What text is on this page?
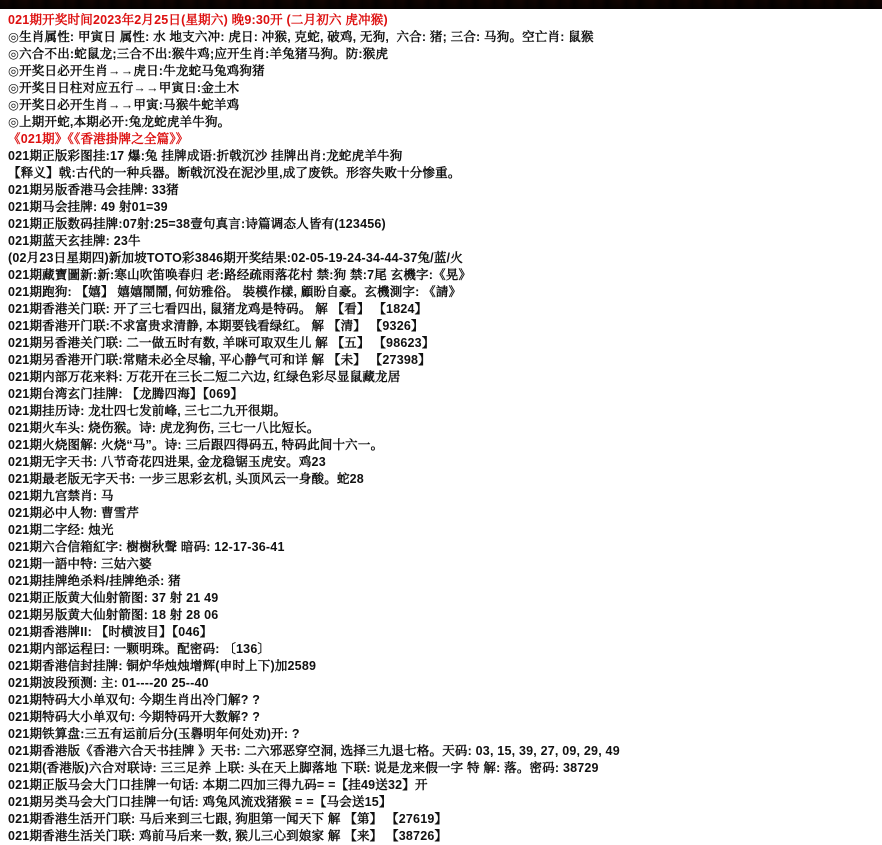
021期开奖时间2023年2月25日(星期六) 晚9:30开 (二月初六 虎冲猴)
◎生肖属性: 甲寅日 属性: 水 地支六冲: 虎日: 冲猴, 克蛇, 破鸡, 无狗,  六合: 猪; 三合: 马狗。空亡肖: 鼠猴
◎六合不出:蛇鼠龙;三合不出:猴牛鸡;应开生肖:羊兔猪马狗。防:猴虎
◎开奖日必开生肖→→虎日:牛龙蛇马兔鸡狗猪
◎开奖日日柱对应五行→→甲寅日:金土木
◎开奖日必开生肖→→甲寅:马猴牛蛇羊鸡
◎上期开蛇,本期必开:兔龙蛇虎羊牛狗。
《021期》《《香港掛牌之全篇》》
021期正版彩图挂:17 爆:兔 挂牌成语:折戟沉沙 挂牌出肖:龙蛇虎羊牛狗
【释义】戟:古代的一种兵器。断戟沉没在泥沙里,成了废铁。形容失败十分惨重。
021期另版香港马会挂牌: 33猪
021期马会挂牌: 49 射01=39
021期正版数码挂牌:07射:25=38壹句真言:诗篇调态人皆有(123456)
021期蓝天玄挂牌: 23牛
(02月23日星期四)新加坡TOTO彩3846期开奖结果:02-05-19-24-34-44-37兔/蓝/火
021期藏寶圖新:新:寒山吹笛唤春归 老:路经疏雨落花村 禁:狗 禁:7尾 玄機字:《晃》
021期跑狗: 【嬉】 嬉嬉鬧鬧, 何妨雅俗。 裝模作樣, 顧盼自豪。玄機測字: 《請》
021期香港关门联: 开了三七看四出, 鼠猪龙鸡是特码。 解 【看】 【1824】
021期香港开门联:不求富贵求清静, 本期要钱看绿红。 解 【清】 【9326】
021期另香港关门联: 二一做五时有数, 羊咪可取双生儿 解 【五】 【98623】
021期另香港开门联:常赌未必全尽输, 平心静气可和详 解 【未】 【27398】
021期内部万花来料: 万花开在三长二短二六边, 红绿色彩尽显鼠藏龙居
021期台湾玄门挂牌: 【龙腾四海】【069】
021期挂历诗: 龙壮四七发前峰, 三七二九开很期。
021期火车头: 烧伤猴。诗: 虎龙狗伤, 三七一八比短长。
021期火烧图解: 火烧“马”。诗: 三后跟四得码五, 特码此间十六一。
021期无字天书: 八节奇花四进果, 金龙稳锯玉虎安。鸡23
021期最老版无字天书: 一步三思彩玄机, 头顶风云一身酸。蛇28
021期九宫禁肖: 马
021期必中人物: 曹雪芹
021期二字经: 烛光
021期六合信箱紅字: 樹樹秋聲 暗码: 12-17-36-41
021期一語中特: 三姑六婆
021期挂牌绝杀料/挂牌绝杀: 猪
021期正版黄大仙射箭图: 37 射 21 49
021期另版黄大仙射箭图: 18 射 28 06
021期香港牌II: 【时横波目】【046】
021期内部运程曰: 一颗明珠。配密码: 〔136〕
021期香港信封挂牌: 铜炉华烛烛增辉(申时上下)加2589
021期波段预测: 主: 01----20 25--40
021期特码大小单双句: 今期生肖出冷门解? ?
021期特码大小单双句: 今期特码开大数解? ?
021期铁算盘:三五有运前后分(玉礜明年何处劝)开: ?
021期香港版《香港六合天书挂牌 》天书: 二六邪恶穿空洞, 选择三九退七格。天码: 03, 15, 39, 27, 09, 29, 49
021期(香港版)六合对联诗: 三三足养 上联: 头在天上脚落地 下联: 说是龙来假一字 特 解: 落。密码: 38729
021期正版马会大门口挂牌一句话: 本期二四加三得九码= =【挂49送32】开
021期另类马会大门口挂牌一句话: 鸡兔风流戏猪猴 = =【马会送15】
021期香港生活开门联: 马后来到三七跟, 狗胆第一闻天下 解 【第】 【27619】
021期香港生活关门联: 鸡前马后来一数, 猴儿三心到娘家 解 【来】 【38726】
